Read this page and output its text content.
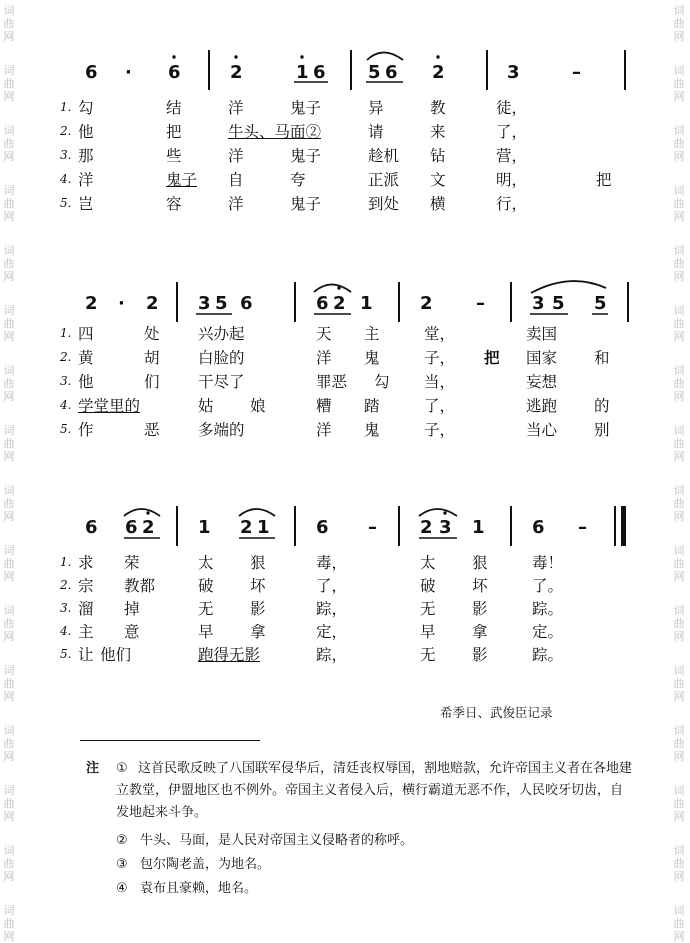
词
曲
网
词
曲
网
词
曲
网
词
曲
网
词
曲
网
词
曲
网
词
曲
网
词
曲
网
词
曲
网
词
曲
网
词
曲
网
词
曲
网
词
曲
网
词
曲
网
词
曲
网
词
曲
网
词
曲
网
词
曲
网
词
曲
网
词
曲
网
词
曲
网
词
曲
网
词
曲
网
词
曲
网
词
曲
网
词
曲
网
词
曲
网
词
曲
网
词
曲
网
词
曲
网
词
曲
网
词
曲
网
6 · 6	2	1 6 5 6 2	3	–
1. 勾	结	洋	鬼子	异	教	徒，
2. 他	把	牛头、马面②	请	来	了，
3. 那	些	洋	鬼子	趁机 钻	营，
4. 洋	鬼子 自	夸	正派 文	明，	把
5. 岂	容	洋	鬼子	到处 横	行，
2 · 2 3 5 6	6 2 1	2 –	3 5 5
1. 四	处 兴办起	天 主	堂，	卖国
2. 黄	胡 白脸的	洋 鬼	子， 把 国家 和
3. 他	们 干尽了	罪恶 勾 当，	妄想
4. 学堂里的	姑 娘	糟 踏	了，	逃跑 的
5. 作	恶 多端的	洋 鬼	子，	当心 别
6 6 2 1 2 1	6 – 2 3 1	6 –
1. 求 荣	太 狠	毒，	太 狠	毒！
2. 宗 教都	破 坏	了，	破 坏	了。
3. 溜 掉	无 影	踪，	无 影	踪。
4. 主 意	早 拿	定，	早 拿	定。
5. 让 他们	跑得无影	踪，	无 影	踪。
希季日、武俊臣记录
注 ① 这首民歌反映了八国联军侵华后，清廷丧权辱国，割地赔款，允许帝国主义者在各地建立教堂，伊盟地区也不例外。帝国主义者侵入后，横行霸道无恶不作，人民咬牙切齿，自发地起来斗争。
② 牛头、马面，是人民对帝国主义侵略者的称呼。
③ 包尔陶老盖，为地名。
④ 袁布且豪赖，地名。
